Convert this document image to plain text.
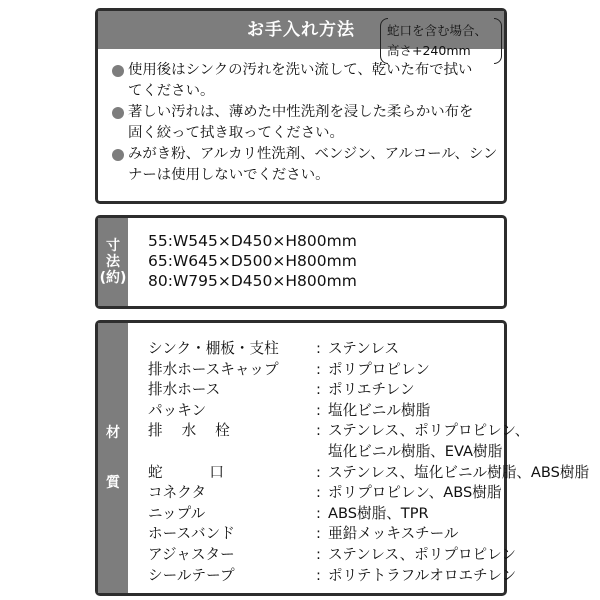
お手入れ方法
使用後はシンクの汚れを洗い流して、乾いた布で拭い
てください。
著しい汚れは、薄めた中性洗剤を浸した柔らかい布を
固く絞って拭き取ってください。
みがき粉、アルカリ性洗剤、ベンジン、アルコール、シン
ナーは使用しないでください。
寸
法
(約)
55:W545×D450×H800mm
65:W645×D500×H800mm
80:W795×D450×H800mm
蛇口を含む場合、
高さ+240mm
材
質
シンク・棚板・支柱	: ステンレス
排水ホースキャップ	: ポリプロピレン
排水ホース	: ポリエチレン
パッキン	: 塩化ビニル樹脂
排水栓	: ステンレス、ポリプロピレン、
塩化ビニル樹脂、EVA樹脂
蛇口	: ステンレス、塩化ビニル樹脂、ABS樹脂
コネクタ	: ポリプロピレン、ABS樹脂
ニップル	: ABS樹脂、TPR
ホースバンド	: 亜鉛メッキスチール
アジャスター	: ステンレス、ポリプロピレン
シールテープ	: ポリテトラフルオロエチレン
